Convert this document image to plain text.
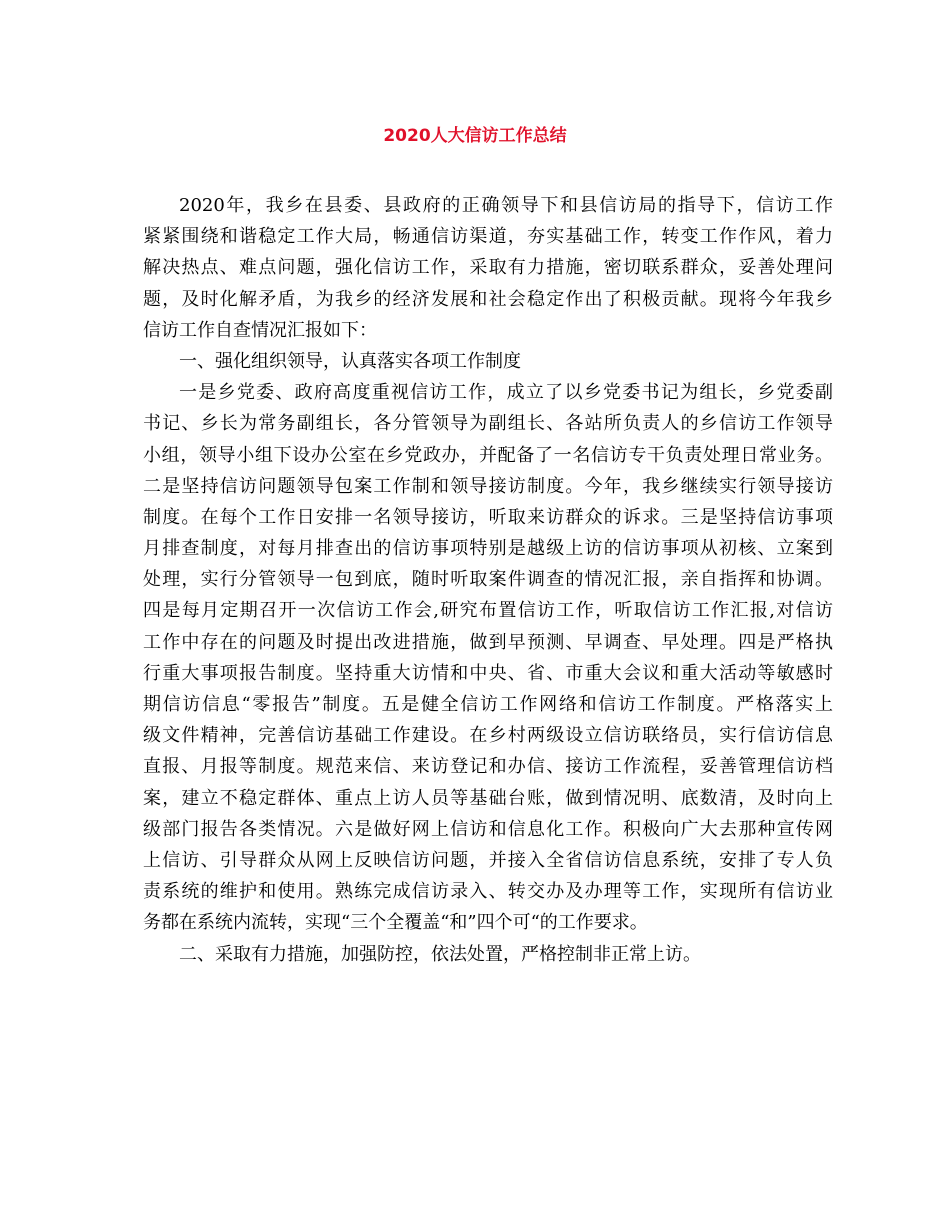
2020人大信访工作总结
2020年，我乡在县委、县政府的正确领导下和县信访局的指导下，信访工作
紧紧围绕和谐稳定工作大局，畅通信访渠道，夯实基础工作，转变工作作风，着力
解决热点、难点问题，强化信访工作，采取有力措施，密切联系群众，妥善处理问
题，及时化解矛盾，为我乡的经济发展和社会稳定作出了积极贡献。现将今年我乡
信访工作自查情况汇报如下：
一、强化组织领导，认真落实各项工作制度
一是乡党委、政府高度重视信访工作，成立了以乡党委书记为组长，乡党委副
书记、乡长为常务副组长，各分管领导为副组长、各站所负责人的乡信访工作领导
小组，领导小组下设办公室在乡党政办，并配备了一名信访专干负责处理日常业务。
二是坚持信访问题领导包案工作制和领导接访制度。今年，我乡继续实行领导接访
制度。在每个工作日安排一名领导接访，听取来访群众的诉求。三是坚持信访事项
月排查制度，对每月排查出的信访事项特别是越级上访的信访事项从初核、立案到
处理，实行分管领导一包到底，随时听取案件调查的情况汇报，亲自指挥和协调。
四是每月定期召开一次信访工作会,研究布置信访工作，听取信访工作汇报,对信访
工作中存在的问题及时提出改进措施，做到早预测、早调查、早处理。四是严格执
行重大事项报告制度。坚持重大访情和中央、省、市重大会议和重大活动等敏感时
期信访信息“零报告”制度。五是健全信访工作网络和信访工作制度。严格落实上
级文件精神，完善信访基础工作建设。在乡村两级设立信访联络员，实行信访信息
直报、月报等制度。规范来信、来访登记和办信、接访工作流程，妥善管理信访档
案，建立不稳定群体、重点上访人员等基础台账，做到情况明、底数清，及时向上
级部门报告各类情况。六是做好网上信访和信息化工作。积极向广大去那种宣传网
上信访、引导群众从网上反映信访问题，并接入全省信访信息系统，安排了专人负
责系统的维护和使用。熟练完成信访录入、转交办及办理等工作，实现所有信访业
务都在系统内流转，实现“三个全覆盖“和”四个可“的工作要求。
二、采取有力措施，加强防控，依法处置，严格控制非正常上访。
